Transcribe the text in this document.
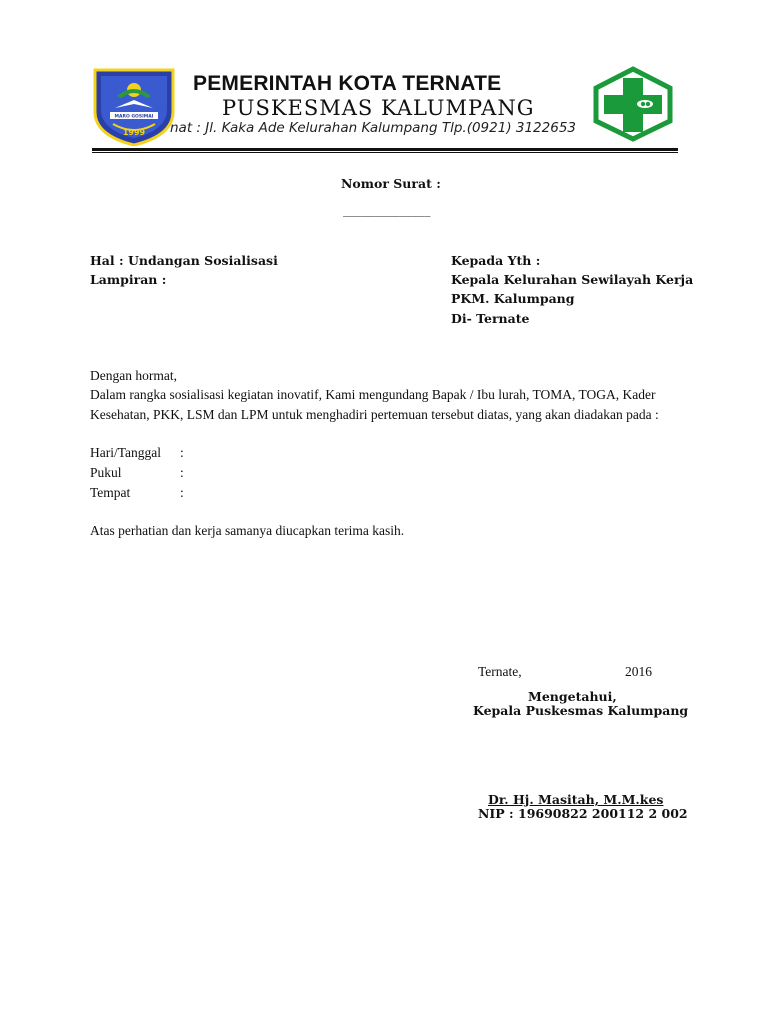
MARO GOSIMAI
1999
PEMERINTAH KOTA TERNATE
PUSKESMAS KALUMPANG
nat : Jl. Kaka Ade Kelurahan Kalumpang Tlp.(0921) 3122653
Nomor Surat :
______________
Hal : Undangan Sosialisasi
Lampiran :
Kepada Yth :
Kepala Kelurahan Sewilayah Kerja
PKM. Kalumpang
Di- Ternate
Dengan hormat,
Dalam rangka sosialisasi kegiatan inovatif, Kami mengundang Bapak / Ibu lurah, TOMA, TOGA, Kader
Kesehatan, PKK, LSM dan LPM untuk menghadiri pertemuan tersebut diatas, yang akan diadakan pada :
Hari/Tanggal :
Pukul	:
Tempat	:
Atas perhatian dan kerja samanya diucapkan terima kasih.
Ternate,	2016
Mengetahui,
Kepala Puskesmas Kalumpang
Dr. Hj. Masitah, M.M.kes
NIP : 19690822 200112 2 002
